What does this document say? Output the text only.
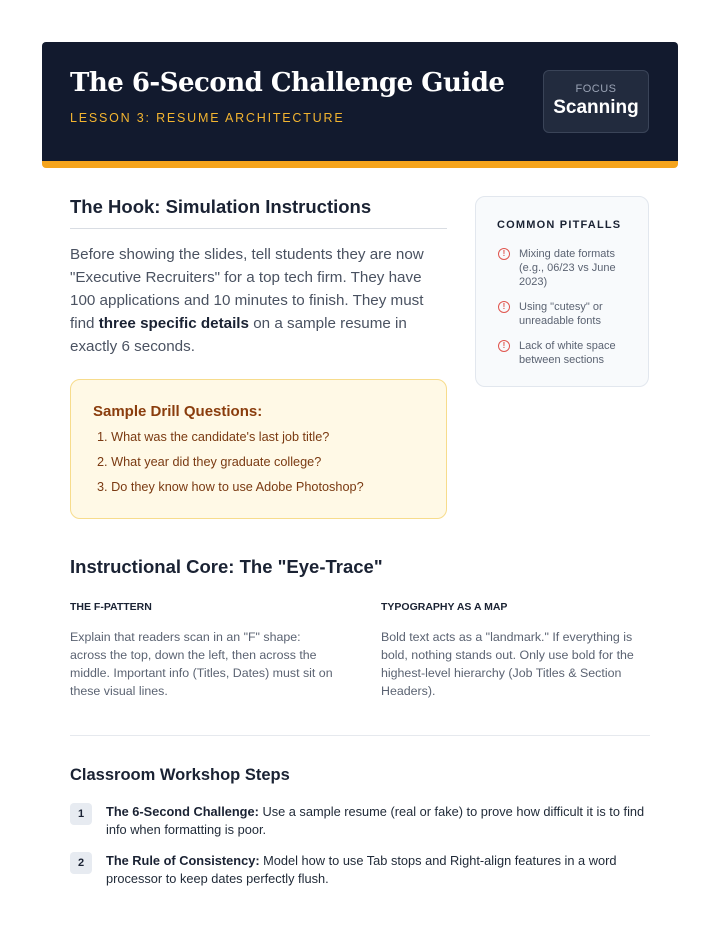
The 6-Second Challenge Guide
LESSON 3: RESUME ARCHITECTURE
FOCUS
Scanning
The Hook: Simulation Instructions

Before showing the slides, tell students they are now "Executive Recruiters" for a top tech firm. They have 100 applications and 10 minutes to finish. They must find three specific details on a sample resume in exactly 6 seconds.

Sample Drill Questions:
1. What was the candidate's last job title?
2. What year did they graduate college?
3. Do they know how to use Adobe Photoshop?
COMMON PITFALLS
!	Mixing date formats (e.g., 06/23 vs June 2023)
!	Using "cutesy" or unreadable fonts
!	Lack of white space between sections
Instructional Core: The "Eye-Trace"
THE F-PATTERN
Explain that readers scan in an "F" shape: across the top, down the left, then across the middle. Important info (Titles, Dates) must sit on these visual lines.
TYPOGRAPHY AS A MAP
Bold text acts as a "landmark." If everything is bold, nothing stands out. Only use bold for the highest-level hierarchy (Job Titles & Section Headers).
Classroom Workshop Steps
1	The 6-Second Challenge: Use a sample resume (real or fake) to prove how difficult it is to find info when formatting is poor.
2	The Rule of Consistency: Model how to use Tab stops and Right-align features in a word processor to keep dates perfectly flush.
